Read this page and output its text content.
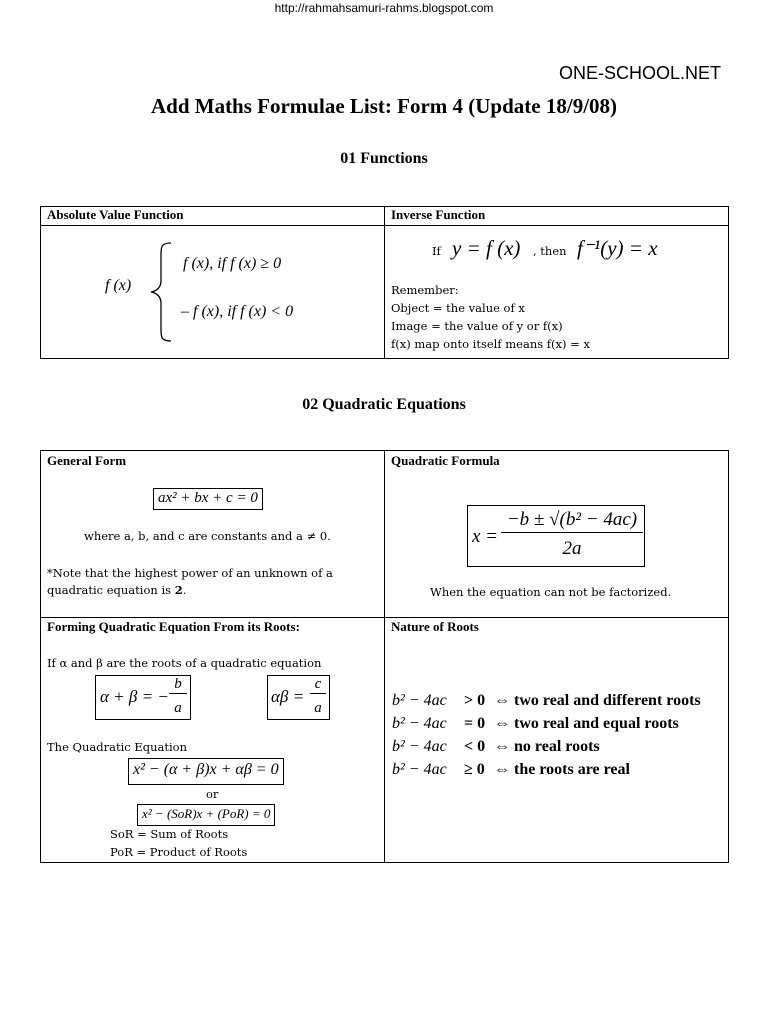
http://rahmahsamuri-rahms.blogspot.com
ONE-SCHOOL.NET
Add Maths Formulae List: Form 4 (Update 18/9/08)
01 Functions
Absolute Value Function	Inverse Function
f (x)
f (x), if f (x) ≥ 0
– f (x), if f (x) < 0
If y = f (x) , then f⁻¹(y) = x
Remember:
Object = the value of x
Image = the value of y or f(x)
f(x) map onto itself means f(x) = x
02 Quadratic Equations
General Form
ax² + bx + c = 0
where a, b, and c are constants and a ≠ 0.
*Note that the highest power of an unknown of a
quadratic equation is 2.
Quadratic Formula
x =
−b ± √(b² − 4ac)
2a
When the equation can not be factorized.
Forming Quadratic Equation From its Roots:
If α and β are the roots of a quadratic equation
α + β = −
b
a
αβ =
c
a
The Quadratic Equation
x² − (α + β)x + αβ = 0
or
x² − (SoR)x + (PoR) = 0
SoR = Sum of Roots
PoR = Product of Roots
Nature of Roots
b² − 4ac > 0 ⇔ two real and different roots
b² − 4ac = 0 ⇔ two real and equal roots
b² − 4ac < 0 ⇔ no real roots
b² − 4ac ≥ 0 ⇔ the roots are real
